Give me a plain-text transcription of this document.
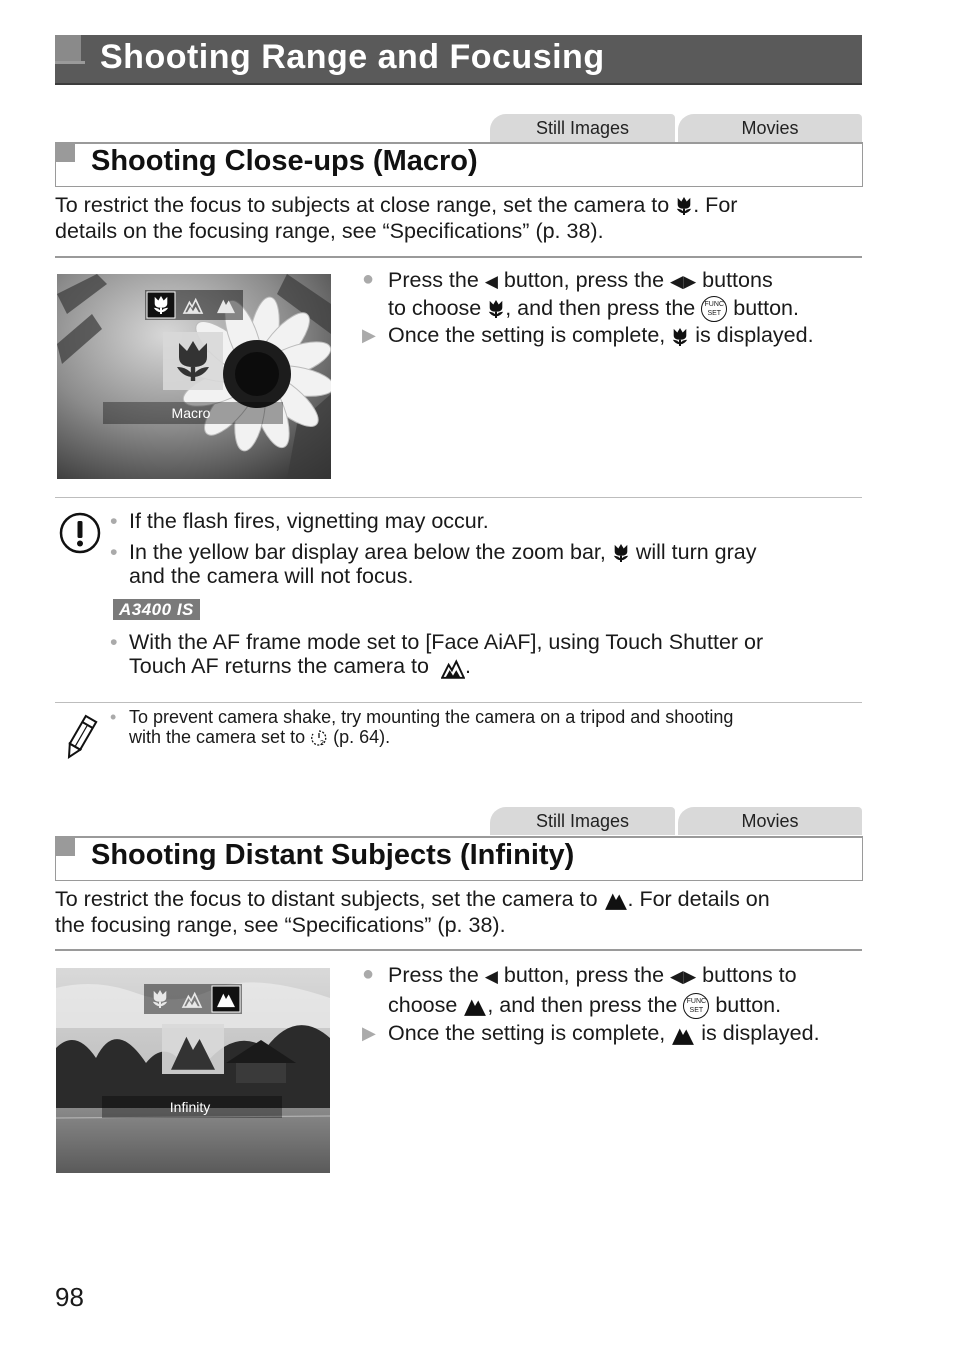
Shooting Range and Focusing
Still Images	Movies
Shooting Close-ups (Macro)
To restrict the focus to subjects at close range, set the camera to . For
details on the focusing range, see “Specifications” (p. 38).
Macro
● Press the ◀ button, press the ◀▶ buttons
to choose , and then press the FUNC
SET button.
▶ Once the setting is complete, is displayed.
• If the flash fires, vignetting may occur.
• In the yellow bar display area below the zoom bar, will turn gray
and the camera will not focus.
A3400 IS
• With the AF frame mode set to [Face AiAF], using Touch Shutter or
Touch AF returns the camera to .
• To prevent camera shake, try mounting the camera on a tripod and shooting
with the camera set to 2 (p. 64).
Still Images	Movies
Shooting Distant Subjects (Infinity)
To restrict the focus to distant subjects, set the camera to . For details on
the focusing range, see “Specifications” (p. 38).
Infinity
● Press the ◀ button, press the ◀▶ buttons to
choose , and then press the FUNC
SET button.
▶ Once the setting is complete, is displayed.
98
